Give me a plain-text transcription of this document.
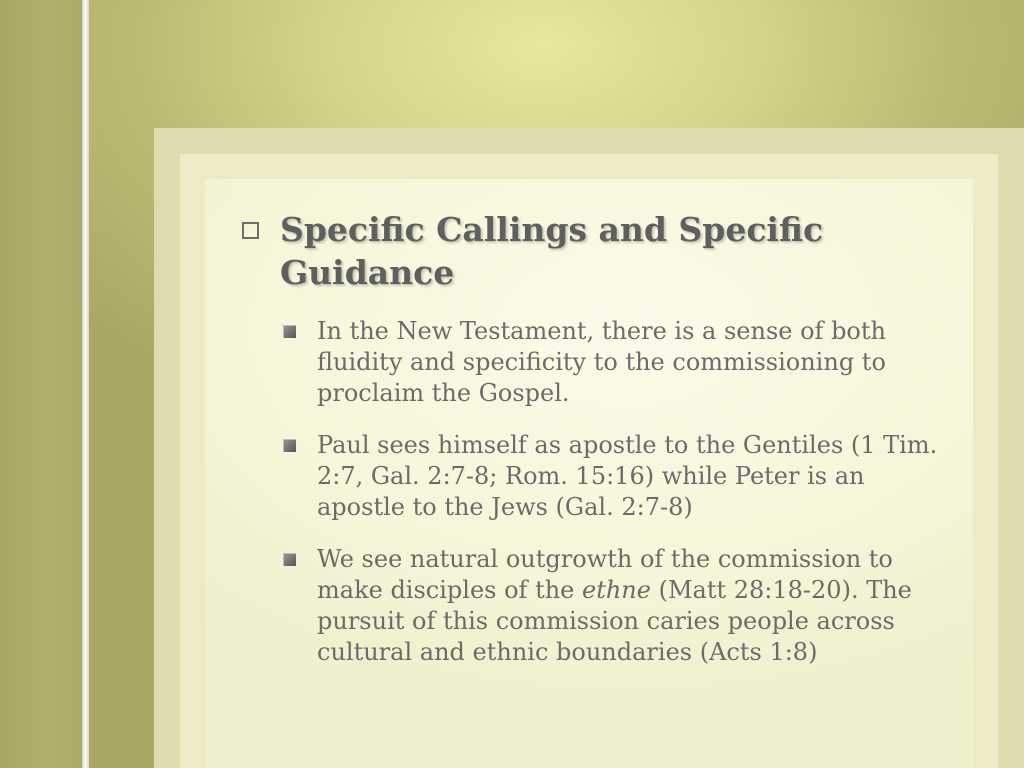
Specific Callings and Specific Guidance
In the New Testament, there is a sense of both fluidity and specificity to the commissioning to proclaim the Gospel.
Paul sees himself as apostle to the Gentiles (1 Tim. 2:7, Gal. 2:7-8; Rom. 15:16) while Peter is an apostle to the Jews (Gal. 2:7-8)
We see natural outgrowth of the commission to make disciples of the ethne (Matt 28:18-20). The pursuit of this commission caries people across cultural and ethnic boundaries (Acts 1:8)
